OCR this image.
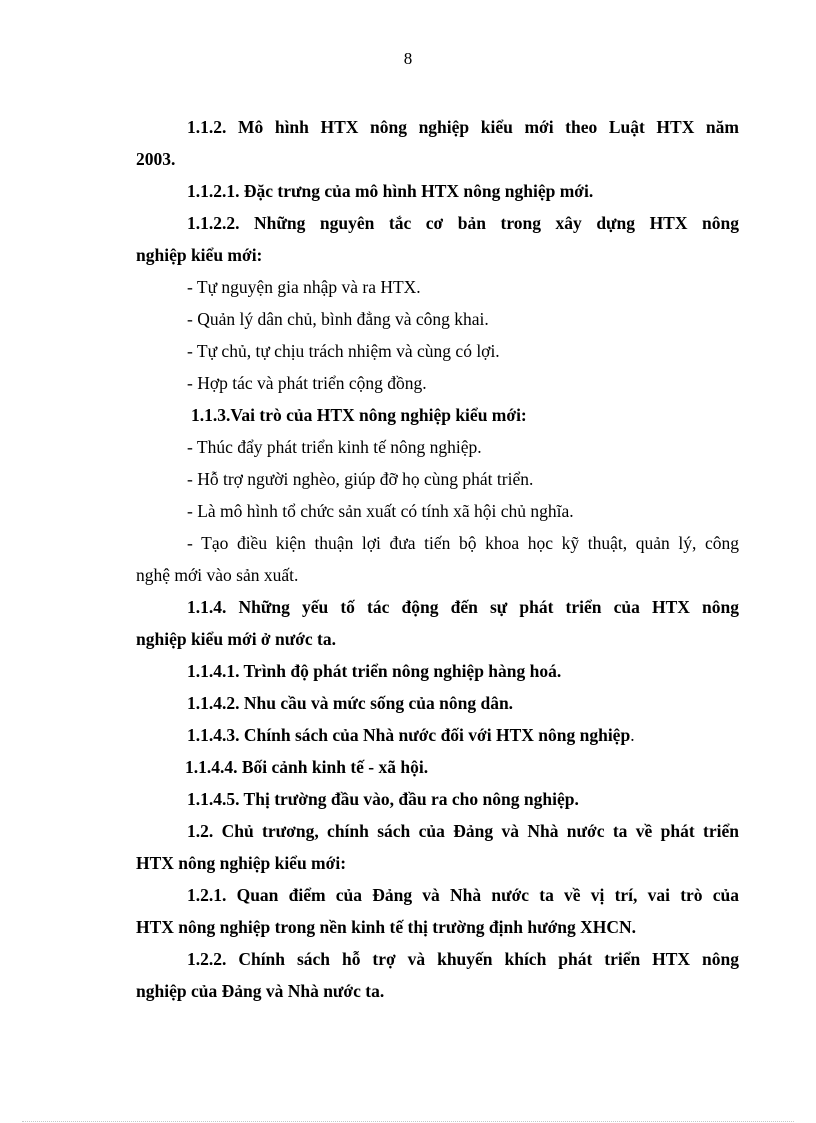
8
1.1.2. Mô hình HTX nông nghiệp kiểu mới theo Luật HTX năm
2003.
1.1.2.1. Đặc trưng của mô hình HTX nông nghiệp mới.
1.1.2.2. Những nguyên tắc cơ bản trong xây dựng HTX nông
nghiệp kiểu mới:
- Tự nguyện gia nhập và ra HTX.
- Quản lý dân chủ, bình đẳng và công khai.
- Tự chủ, tự chịu trách nhiệm và cùng có lợi.
- Hợp tác và phát triển cộng đồng.
1.1.3.Vai trò của HTX nông nghiệp kiểu mới:
- Thúc đẩy phát triển kinh tế nông nghiệp.
- Hỗ trợ người nghèo, giúp đỡ họ cùng phát triển.
- Là mô hình tổ chức sản xuất có tính xã hội chủ nghĩa.
- Tạo điều kiện thuận lợi đưa tiến bộ khoa học kỹ thuật, quản lý, công
nghệ mới vào sản xuất.
1.1.4. Những yếu tố tác động đến sự phát triển của HTX nông
nghiệp kiểu mới ở nước ta.
1.1.4.1. Trình độ phát triển nông nghiệp hàng hoá.
1.1.4.2. Nhu cầu và mức sống của nông dân.
1.1.4.3. Chính sách của Nhà nước đối với HTX nông nghiệp.
1.1.4.4. Bối cảnh kinh tế - xã hội.
1.1.4.5. Thị trường đầu vào, đầu ra cho nông nghiệp.
1.2. Chủ trương, chính sách của Đảng và Nhà nước ta về phát triển
HTX nông nghiệp kiểu mới:
1.2.1. Quan điểm của Đảng và Nhà nước ta về vị trí, vai trò của
HTX nông nghiệp trong nền kinh tế thị trường định hướng XHCN.
1.2.2. Chính sách hỗ trợ và khuyến khích phát triển HTX nông
nghiệp của Đảng và Nhà nước ta.
